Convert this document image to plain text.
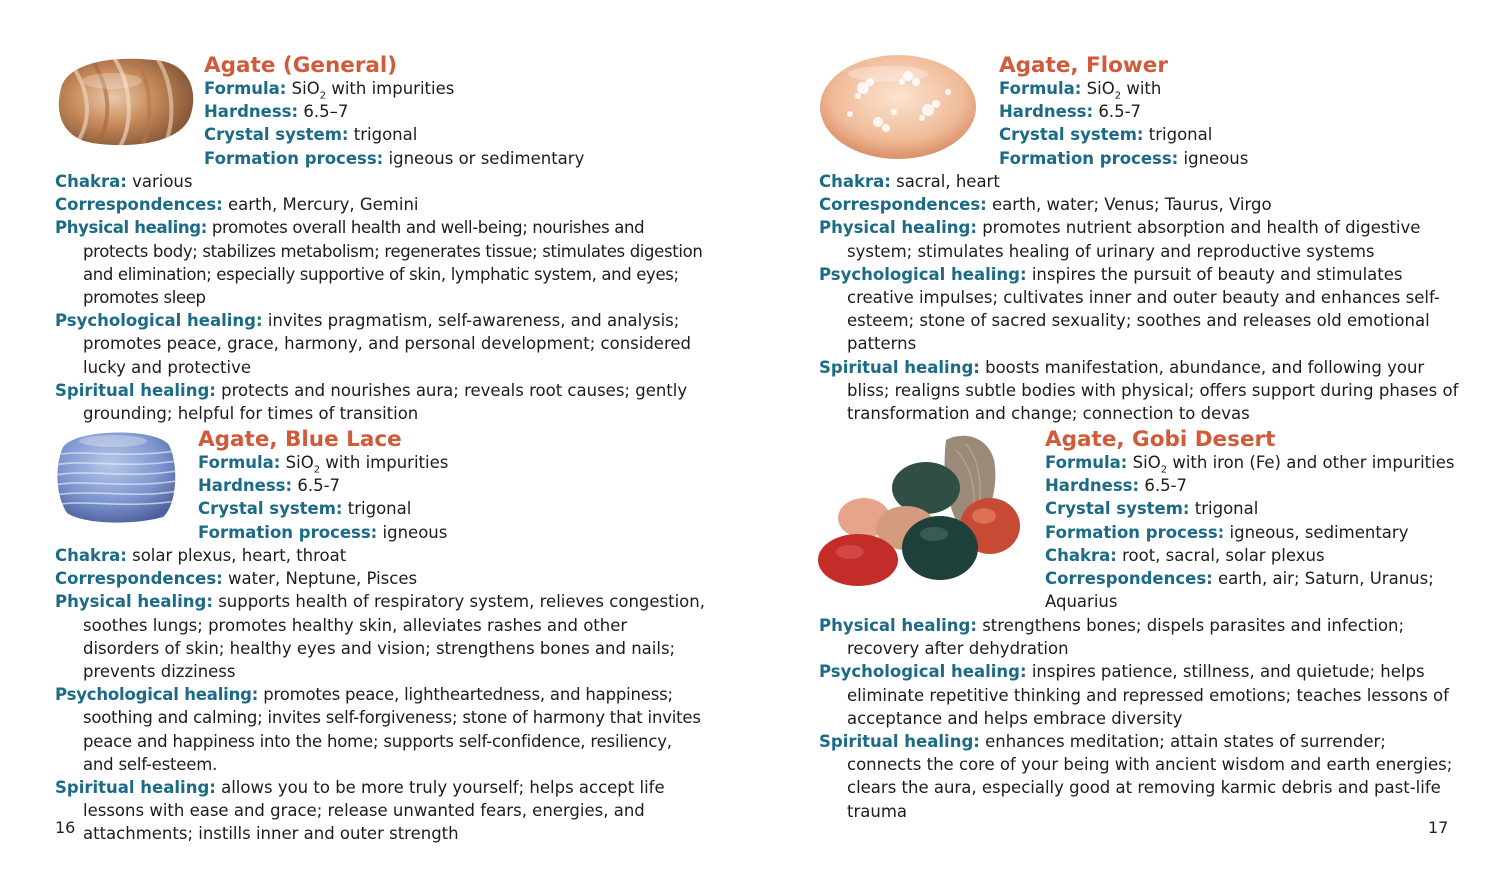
Agate (General)
Formula: SiO$_2$ with impurities
Hardness: 6.5–7
Crystal system: trigonal
Formation process: igneous or sedimentary
Chakra: various
Correspondences: earth, Mercury, Gemini
Physical healing: promotes overall health and well-being; nourishes and protects body; stabilizes metabolism; regenerates tissue; stimulates digestion and elimination; especially supportive of skin, lymphatic system, and eyes; promotes sleep
Psychological healing: invites pragmatism, self-awareness, and analysis; promotes peace, grace, harmony, and personal development; considered lucky and protective
Spiritual healing: protects and nourishes aura; reveals root causes; gently grounding; helpful for times of transition
Agate, Blue Lace
Formula: SiO$_2$ with impurities
Hardness: 6.5-7
Crystal system: trigonal
Formation process: igneous
Chakra: solar plexus, heart, throat
Correspondences: water, Neptune, Pisces
Physical healing: supports health of respiratory system, relieves congestion, soothes lungs; promotes healthy skin, alleviates rashes and other disorders of skin; healthy eyes and vision; strengthens bones and nails; prevents dizziness
Psychological healing: promotes peace, lightheartedness, and happiness; soothing and calming; invites self-forgiveness; stone of harmony that invites peace and happiness into the home; supports self-confidence, resiliency, and self-esteem.
Spiritual healing: allows you to be more truly yourself; helps accept life lessons with ease and grace; release unwanted fears, energies, and attachments; instills inner and outer strength
Agate, Flower
Formula: SiO$_2$ with
Hardness: 6.5-7
Crystal system: trigonal
Formation process: igneous
Chakra: sacral, heart
Correspondences: earth, water; Venus; Taurus, Virgo
Physical healing: promotes nutrient absorption and health of digestive system; stimulates healing of urinary and reproductive systems
Psychological healing: inspires the pursuit of beauty and stimulates creative impulses; cultivates inner and outer beauty and enhances self-esteem; stone of sacred sexuality; soothes and releases old emotional patterns
Spiritual healing: boosts manifestation, abundance, and following your bliss; realigns subtle bodies with physical; offers support during phases of transformation and change; connection to devas
Agate, Gobi Desert
Formula: SiO$_2$ with iron (Fe) and other impurities
Hardness: 6.5-7
Crystal system: trigonal
Formation process: igneous, sedimentary
Chakra: root, sacral, solar plexus
Correspondences: earth, air; Saturn, Uranus; Aquarius
Physical healing: strengthens bones; dispels parasites and infection; recovery after dehydration
Psychological healing: inspires patience, stillness, and quietude; helps eliminate repetitive thinking and repressed emotions; teaches lessons of acceptance and helps embrace diversity
Spiritual healing: enhances meditation; attain states of surrender; connects the core of your being with ancient wisdom and earth energies; clears the aura, especially good at removing karmic debris and past-life trauma
16	17
